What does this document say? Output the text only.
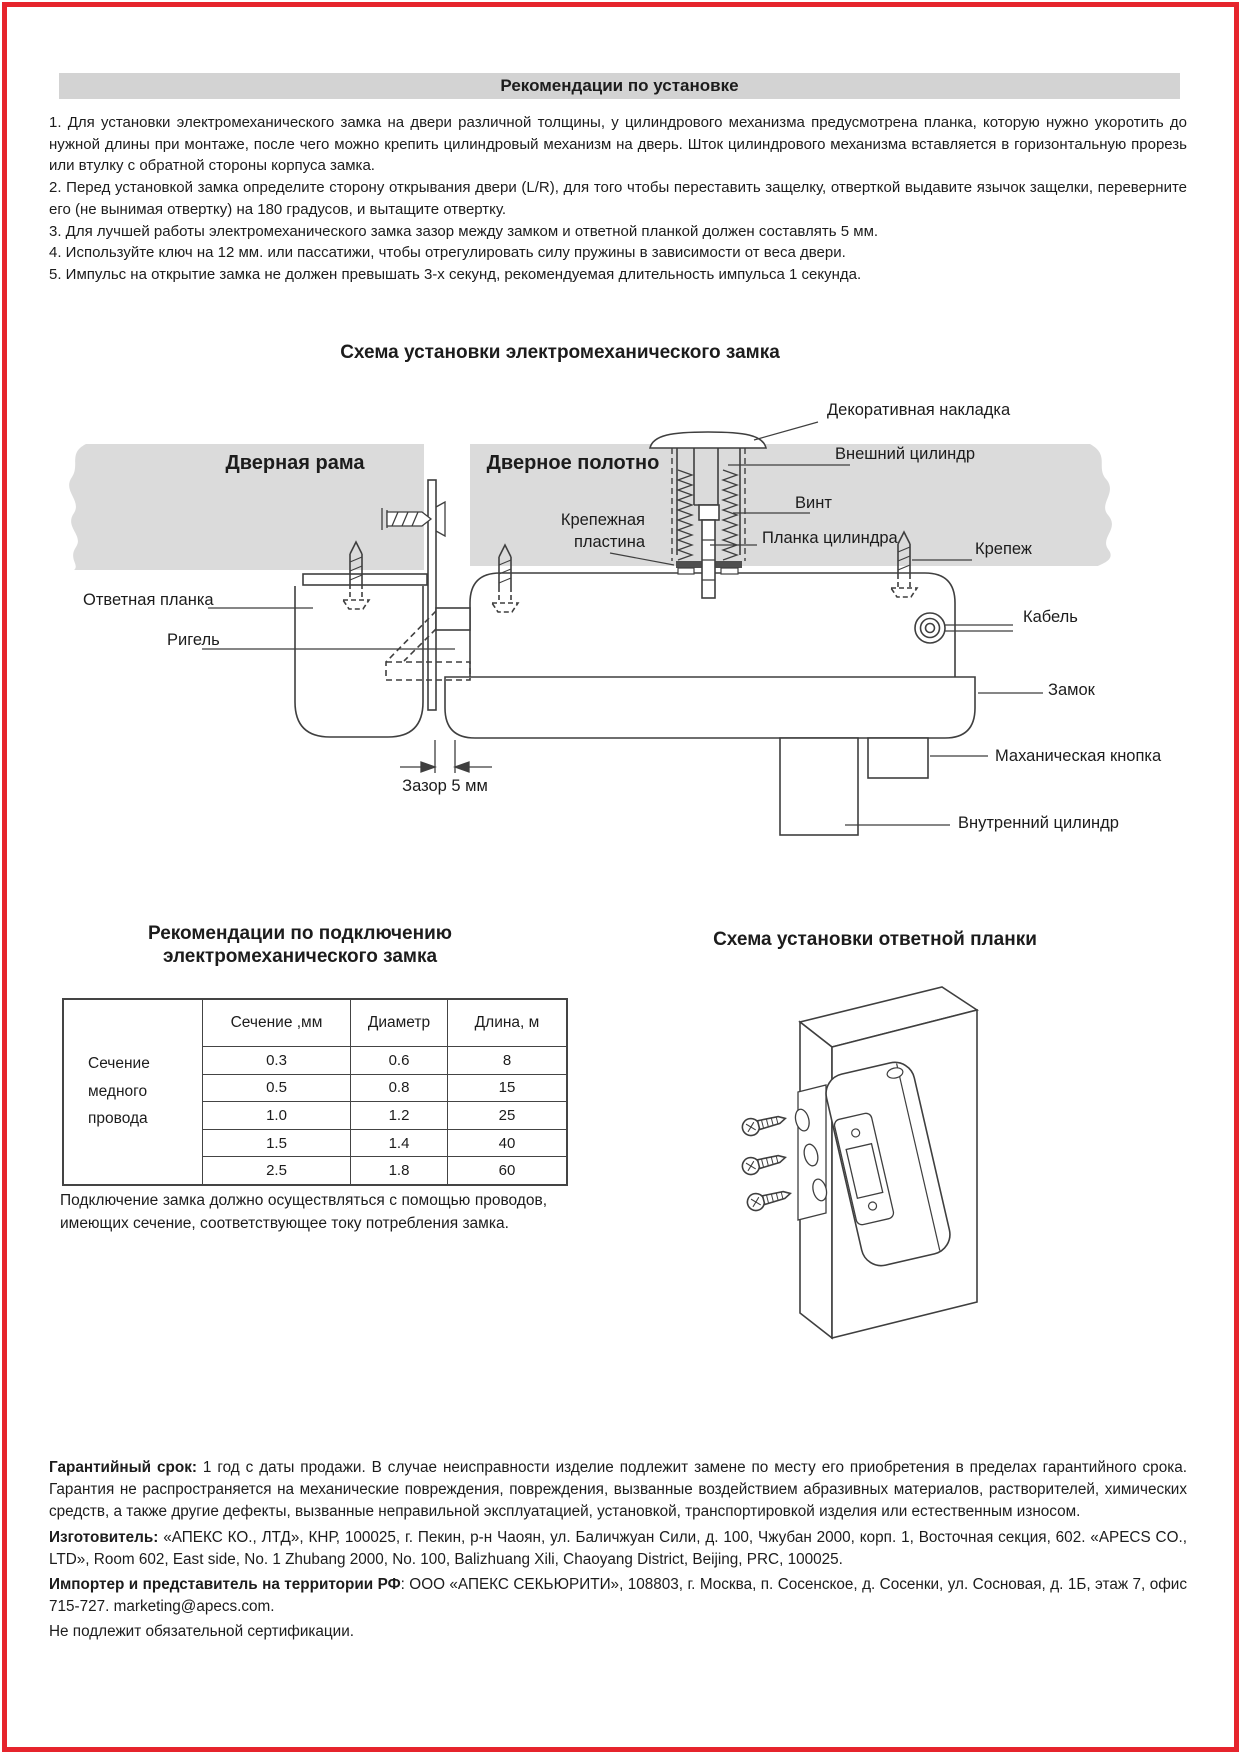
Рекомендации по установке

1. Для установки электромеханического замка на двери различной толщины, у цилиндрового механизма предусмотрена планка, которую нужно укоротить до нужной длины при монтаже, после чего можно крепить цилиндровый механизм на дверь. Шток цилиндрового механизма вставляется в горизонтальную прорезь или втулку с обратной стороны корпуса замка.

2. Перед установкой замка определите сторону открывания двери (L/R), для того чтобы переставить защелку, отверткой выдавите язычок защелки, переверните его (не вынимая отвертку) на 180 градусов, и вытащите отвертку.

3. Для лучшей работы электромеханического замка зазор между замком и ответной планкой должен составлять 5 мм.

4. Используйте ключ на 12 мм. или пассатижи, чтобы отрегулировать силу пружины в зависимости от веса двери.

5. Импульс на открытие замка не должен превышать 3-х секунд, рекомендуемая длительность импульса 1 секунда.

Схема установки электромеханического замка
Дверная рама	Дверное полотно
Декоративная накладка
Внешний цилиндр
Винт
Крепежная
пластина	Планка цилиндра
Крепеж
Кабель
Замок
Маханическая кнопка
Внутренний цилиндр
Ответная планка
Ригель
Зазор 5 мм
Рекомендации по подключению
электромеханического замка
Сечение
медного
провода	Сечение ,мм	Диаметр	Длина, м
	0.3	0.6	8
	0.5	0.8	15
	1.0	1.2	25
	1.5	1.4	40
	2.5	1.8	60
Подключение замка должно осуществляться с помощью проводов, имеющих сечение, соответствующее току потребления замка.
Схема установки ответной планки

Гарантийный срок: 1 год с даты продажи. В случае неисправности изделие подлежит замене по месту его приобретения в пределах гарантийного срока. Гарантия не распространяется на механические повреждения, повреждения, вызванные воздействием абразивных материалов, растворителей, химических средств, а также другие дефекты, вызванные неправильной эксплуатацией, установкой, транспортировкой изделия или естественным износом.

Изготовитель: «АПЕКС КО., ЛТД», КНР, 100025, г. Пекин, р-н Чаоян, ул. Баличжуан Сили, д. 100, Чжубан 2000, корп. 1, Восточная секция, 602. «APECS CO., LTD», Room 602, East side, No. 1 Zhubang 2000, No. 100, Balizhuang Xili, Chaoyang District, Beijing, PRC, 100025.

Импортер и представитель на территории РФ: ООО «АПЕКС СЕКЬЮРИТИ», 108803, г. Москва, п. Сосенское, д. Сосенки, ул. Сосновая, д. 1Б, этаж 7, офис 715-727. marketing@apecs.com.

Не подлежит обязательной сертификации.
